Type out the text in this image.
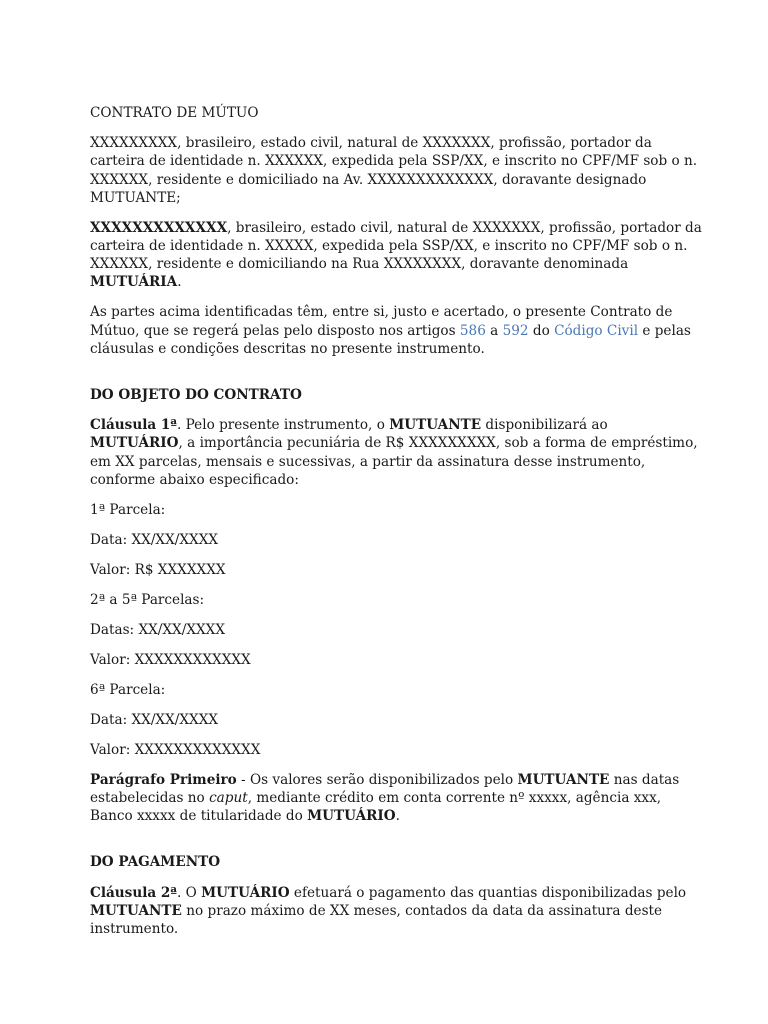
CONTRATO DE MÚTUO

XXXXXXXXX, brasileiro, estado civil, natural de XXXXXXX, profissão, portador da carteira de identidade n. XXXXXX, expedida pela SSP/XX, e inscrito no CPF/MF sob o n. XXXXXX, residente e domiciliado na Av. XXXXXXXXXXXXX, doravante designado MUTUANTE;

XXXXXXXXXXXXX, brasileiro, estado civil, natural de XXXXXXX, profissão, portador da carteira de identidade n. XXXXX, expedida pela SSP/XX, e inscrito no CPF/MF sob o n. XXXXXX, residente e domiciliando na Rua XXXXXXXX, doravante denominada MUTUÁRIA.

As partes acima identificadas têm, entre si, justo e acertado, o presente Contrato de Mútuo, que se regerá pelas pelo disposto nos artigos 586 a 592 do Código Civil e pelas cláusulas e condições descritas no presente instrumento.

DO OBJETO DO CONTRATO

Cláusula 1ª. Pelo presente instrumento, o MUTUANTE disponibilizará ao MUTUÁRIO, a importância pecuniária de R$ XXXXXXXXX, sob a forma de empréstimo, em XX parcelas, mensais e sucessivas, a partir da assinatura desse instrumento, conforme abaixo especificado:

1ª Parcela:

Data: XX/XX/XXXX

Valor: R$ XXXXXXX

2ª a 5ª Parcelas:

Datas: XX/XX/XXXX

Valor: XXXXXXXXXXXX

6ª Parcela:

Data: XX/XX/XXXX

Valor: XXXXXXXXXXXXX

Parágrafo Primeiro - Os valores serão disponibilizados pelo MUTUANTE nas datas estabelecidas no caput, mediante crédito em conta corrente nº xxxxx, agência xxx, Banco xxxxx de titularidade do MUTUÁRIO.

DO PAGAMENTO

Cláusula 2ª. O MUTUÁRIO efetuará o pagamento das quantias disponibilizadas pelo MUTUANTE no prazo máximo de XX meses, contados da data da assinatura deste instrumento.
